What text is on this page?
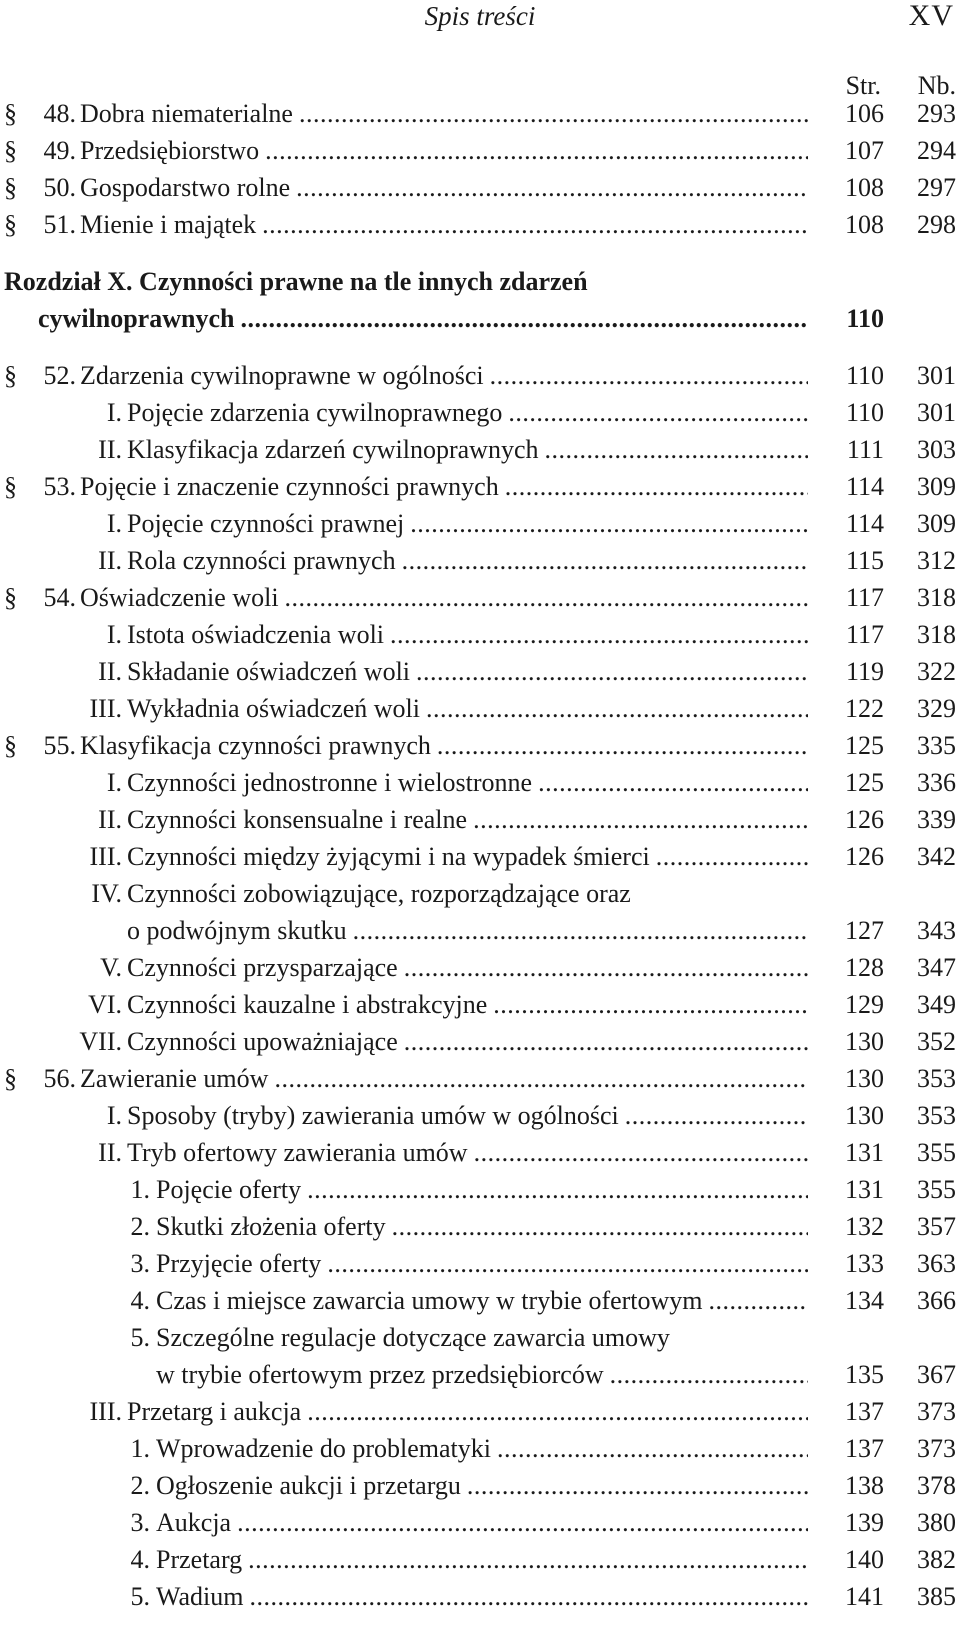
Spis treści	XV
Str. Nb.
§	48. Dobra niematerialne .....	106	293
§	49. Przedsiębiorstwo .....	107	294
§	50. Gospodarstwo rolne .....	108	297
§	51. Mienie i majątek .....	108	298
Rozdział X. Czynności prawne na tle innych zdarzeń
cywilnoprawnych .....	110
§	52. Zdarzenia cywilnoprawne w ogólności .....	110	301
I. Pojęcie zdarzenia cywilnoprawnego .....	110	301
II. Klasyfikacja zdarzeń cywilnoprawnych .....	111	303
§	53. Pojęcie i znaczenie czynności prawnych .....	114	309
I. Pojęcie czynności prawnej .....	114	309
II. Rola czynności prawnych .....	115	312
§	54. Oświadczenie woli .....	117	318
I. Istota oświadczenia woli .....	117	318
II. Składanie oświadczeń woli .....	119	322
III. Wykładnia oświadczeń woli .....	122	329
§	55. Klasyfikacja czynności prawnych .....	125	335
I. Czynności jednostronne i wielostronne .....	125	336
II. Czynności konsensualne i realne .....	126	339
III. Czynności między żyjącymi i na wypadek śmierci .....	126	342
IV. Czynności zobowiązujące, rozporządzające oraz
o podwójnym skutku .....	127	343
V. Czynności przysparzające .....	128	347
VI. Czynności kauzalne i abstrakcyjne .....	129	349
VII. Czynności upoważniające .....	130	352
§	56. Zawieranie umów .....	130	353
I. Sposoby (tryby) zawierania umów w ogólności .....	130	353
II. Tryb ofertowy zawierania umów .....	131	355
1. Pojęcie oferty .....	131	355
2. Skutki złożenia oferty .....	132	357
3. Przyjęcie oferty .....	133	363
4. Czas i miejsce zawarcia umowy w trybie ofertowym .....	134	366
5. Szczególne regulacje dotyczące zawarcia umowy
w trybie ofertowym przez przedsiębiorców .....	135	367
III. Przetarg i aukcja .....	137	373
1. Wprowadzenie do problematyki .....	137	373
2. Ogłoszenie aukcji i przetargu .....	138	378
3. Aukcja .....	139	380
4. Przetarg .....	140	382
5. Wadium .....	141	385
